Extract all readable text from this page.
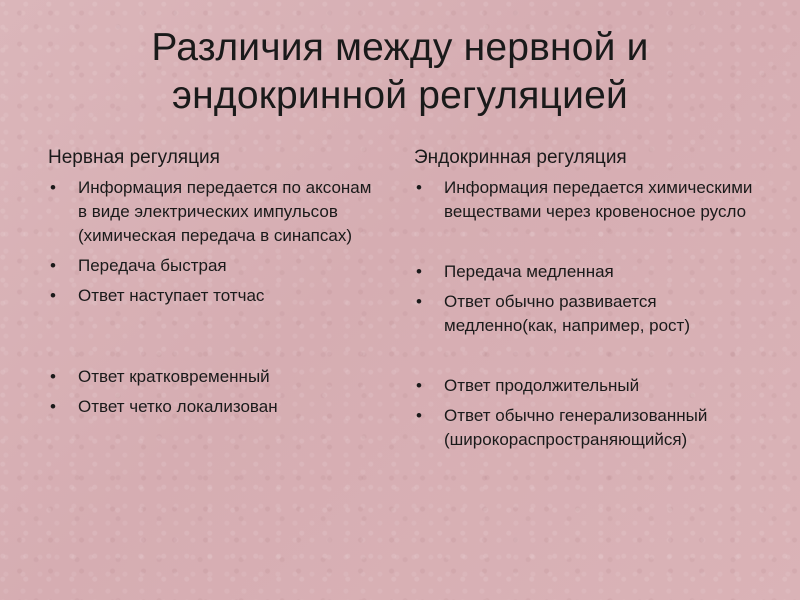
Различия между нервной и
эндокринной регуляцией
Нервная регуляция
• Информация передается по аксонам в виде электрических импульсов (химическая передача в синапсах)
• Передача быстрая
• Ответ наступает тотчас
• Ответ кратковременный
• Ответ четко локализован
Эндокринная регуляция
• Информация передается химическими веществами через кровеносное русло
• Передача медленная
• Ответ обычно развивается медленно(как, например, рост)
• Ответ продолжительный
• Ответ обычно генерализованный (широкораспространяющийся)
